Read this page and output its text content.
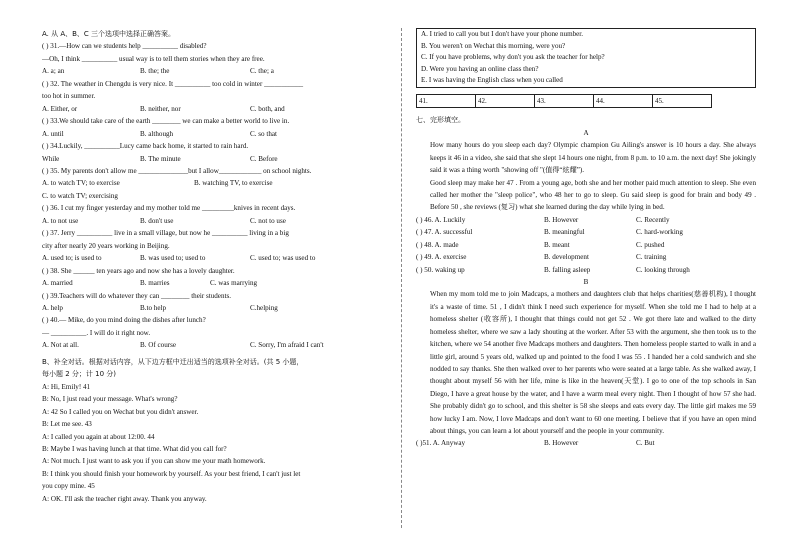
A. 从 A、B、C 三个选项中选择正确答案。
( ) 31.—How can we students help __________ disabled?
—Oh, I think __________ usual way is to tell them stories when they are free.
A. a; an	B. the; the	C. the; a
( ) 32. The weather in Chengdu is very nice. It __________ too cold in winter ___________
too hot in summer.
A. Either, or	B. neither, nor	C. both, and
( ) 33.We should take care of the earth ________ we can make a better world to live in.
A. until	B. although	C. so that
( ) 34.Luckily, __________Lucy came back home, it started to rain hard.
While	B. The minute	C. Before
( ) 35. My parents don't allow me ______________but I allow____________ on school nights.
A. to watch TV; to exercise	B. watching TV, to exercise
C. to watch TV; exercising
( ) 36. I cut my finger yesterday and my mother told me _________knives in recent days.
A. to not use	B. don't use	C. not to use
( ) 37. Jerry __________ live in a small village, but now he __________ living in a big
city after nearly 20 years working in Beijing.
A. used to; is used to	B. was used to; used to	C. used to; was used to
( ) 38. She ______ ten years ago and now she has a lovely daughter.
A. married	B. marries	C. was marrying
( ) 39.Teachers will do whatever they can ________ their students.
A. help	B.to help	C.helping
( ) 40.— Mike, do you mind doing the dishes after lunch?
— __________. I will do it right now.
A. Not at all.	B. Of course	C. Sorry, I'm afraid I can't
B、补全对话。根据对话内容，从下边方框中迁出适当的选项补全对话。(共 5 小题，
每小题 2 分；计 10 分)
A: Hi, Emily! 41
B: No, I just read your message. What's wrong?
A: 42 So I called you on Wechat but you didn't answer.
B: Let me see. 43
A: I called you again at about 12:00. 44
B: Maybe I was having lunch at that time. What did you call for?
A: Not much. I just want to ask you if you can show me your math homework.
B: I think you should finish your homework by yourself. As your best friend, I can't just let
you copy mine. 45
A: OK. I'll ask the teacher right away. Thank you anyway.
A. I tried to call you but I don't have your phone number.
B. You weren't on Wechat this morning, were you?
C. If you have problems, why don't you ask the teacher for help?
D. Were you having an online class then?
E. I was having the English class when you called
41.	42.	43.	44.	45.
七、完形填空。
A
How many hours do you sleep each day? Olympic champion Gu Ailing's answer is 10 hours a day. She always keeps it 46 in a video, she said that she slept 14 hours one night, from 8 p.m. to 10 a.m. the next day! She jokingly said it was a thing worth "showing off "(值得“炫耀”).
Good sleep may make her 47 . From a young age, both she and her mother paid much attention to sleep. She even called her mother the "sleep police", who 48 her to go to sleep. Gu said sleep is good for brain and body 49 . Before 50 , she reviews (复习) what she learned during the day while lying in bed.
( ) 46. A. Luckily	B. However	C. Recently
( ) 47. A. successful	B. meaningful	C. hard-working
( ) 48. A. made	B. meant	C. pushed
( ) 49. A. exercise	B. development	C. training
( ) 50. waking up	B. falling asleep	C. looking through
B
When my mom told me to join Madcaps, a mothers and daughters club that helps charities(慈善机构), I thought it's a waste of time. 51 , I didn't think I need such experience for myself. When she told me I had to help at a homeless shelter (收容所), I thought that things could not get 52 . We got there late and walked to the dirty homeless shelter, where we saw a lady shouting at the worker. After 53 with the argument, she then took us to the kitchen, where we 54 another five Madcaps mothers and daughters. Then homeless people started to walk in and a little girl, around 5 years old, walked up and pointed to the food I was 55 . I handed her a cold sandwich and she nodded to say thanks. She then walked over to her parents who were seated at a large table. As she walked away, I thought about myself 56 with her life, mine is like in the heaven(天堂). I go to one of the top schools in San Diego, I have a great house by the water, and I have a warm meal every night. Then I thought of how 57 she had. She probably didn't go to school, and this shelter is 58 she sleeps and eats every day. The little girl makes me 59 how lucky I am. Now, I love Madcaps and don't want to 60 one meeting. I believe that if you have an open mind about things, you can learn a lot about yourself and the people in your community.
( )51. A. Anyway	B. However	C. But
